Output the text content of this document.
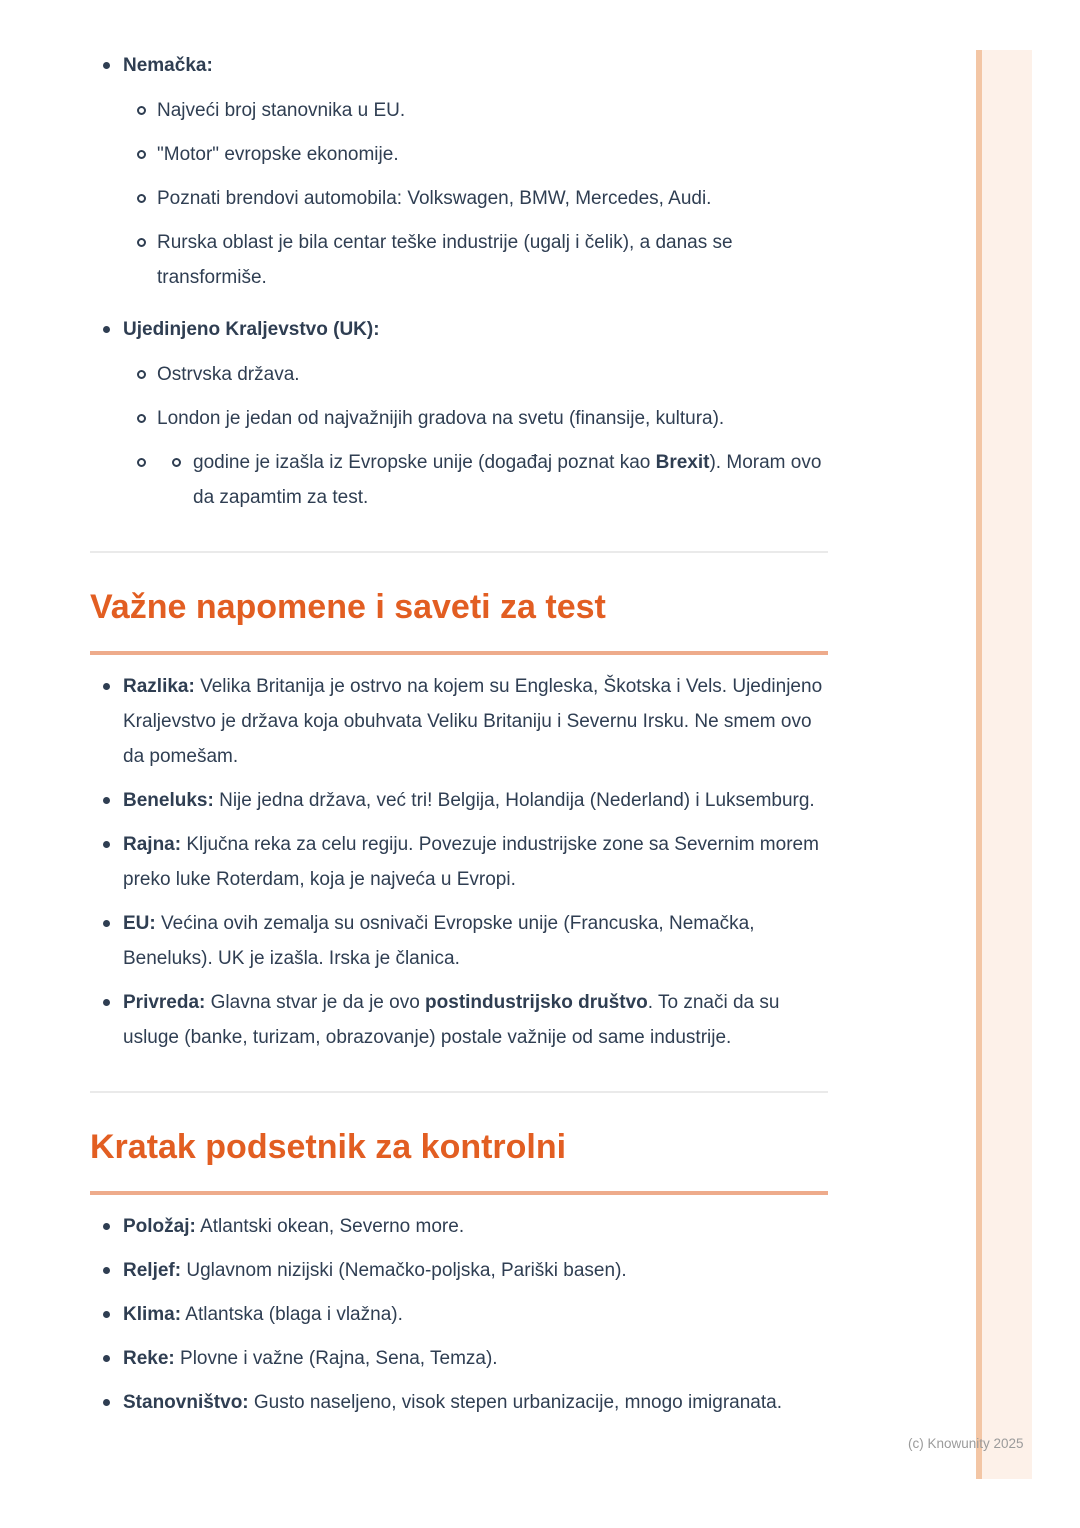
(c) Knowunity 2025
Nemačka:
Najveći broj stanovnika u EU.
"Motor" evropske ekonomije.
Poznati brendovi automobila: Volkswagen, BMW, Mercedes, Audi.
Rurska oblast je bila centar teške industrije (ugalj i čelik), a danas se transformiše.
Ujedinjeno Kraljevstvo (UK):
Ostrvska država.
London je jedan od najvažnijih gradova na svetu (finansije, kultura).
godine je izašla iz Evropske unije (događaj poznat kao Brexit). Moram ovo da zapamtim za test.
Važne napomene i saveti za test
Razlika: Velika Britanija je ostrvo na kojem su Engleska, Škotska i Vels. Ujedinjeno Kraljevstvo je država koja obuhvata Veliku Britaniju i Severnu Irsku. Ne smem ovo da pomešam.
Beneluks: Nije jedna država, već tri! Belgija, Holandija (Nederland) i Luksemburg.
Rajna: Ključna reka za celu regiju. Povezuje industrijske zone sa Severnim morem preko luke Roterdam, koja je najveća u Evropi.
EU: Većina ovih zemalja su osnivači Evropske unije (Francuska, Nemačka, Beneluks). UK je izašla. Irska je članica.
Privreda: Glavna stvar je da je ovo postindustrijsko društvo. To znači da su usluge (banke, turizam, obrazovanje) postale važnije od same industrije.
Kratak podsetnik za kontrolni
Položaj: Atlantski okean, Severno more.
Reljef: Uglavnom nizijski (Nemačko-poljska, Pariški basen).
Klima: Atlantska (blaga i vlažna).
Reke: Plovne i važne (Rajna, Sena, Temza).
Stanovništvo: Gusto naseljeno, visok stepen urbanizacije, mnogo imigranata.
